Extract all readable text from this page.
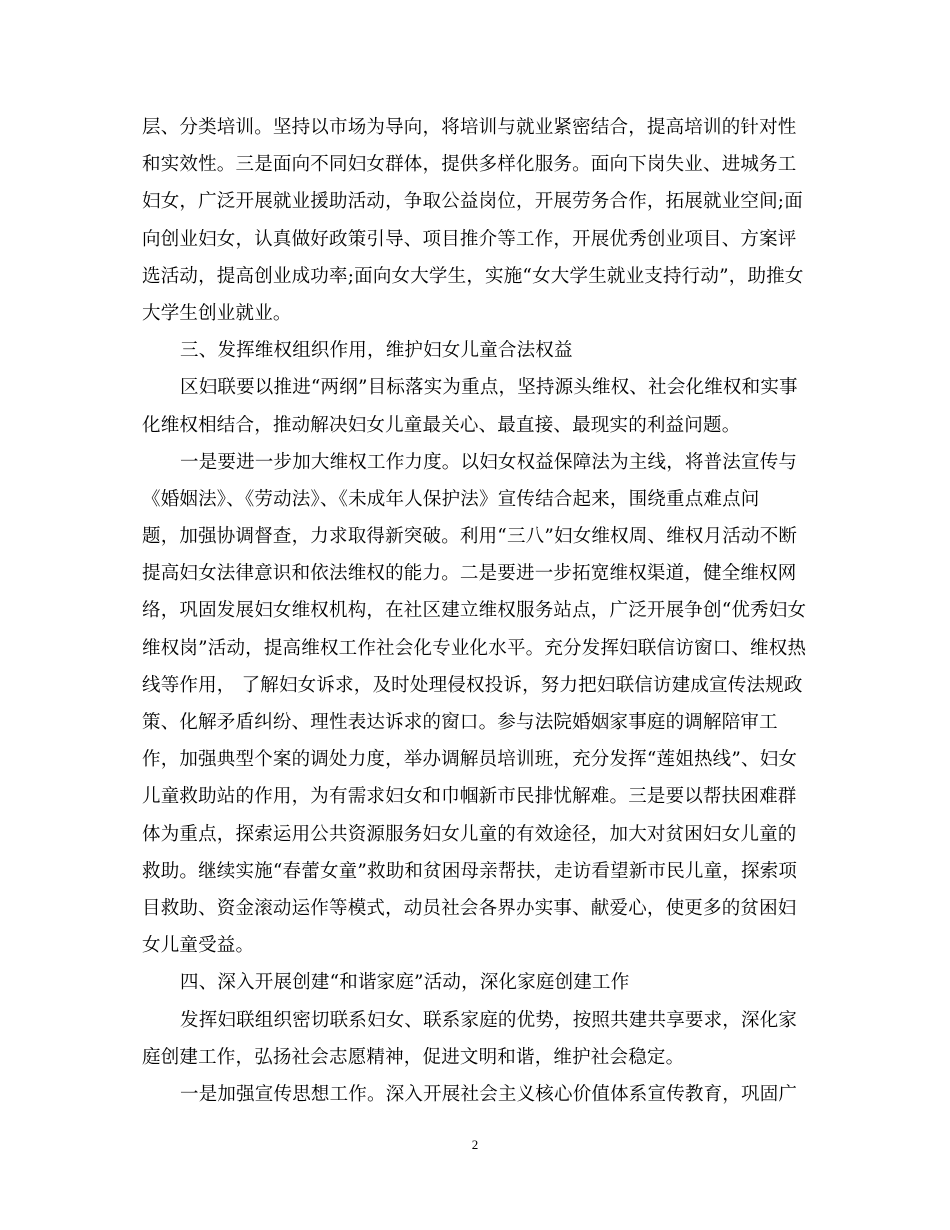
层、分类培训。坚持以市场为导向，将培训与就业紧密结合，提高培训的针对性
和实效性。三是面向不同妇女群体，提供多样化服务。面向下岗失业、进城务工
妇女，广泛开展就业援助活动，争取公益岗位，开展劳务合作，拓展就业空间;面
向创业妇女，认真做好政策引导、项目推介等工作，开展优秀创业项目、方案评
选活动，提高创业成功率;面向女大学生，实施“女大学生就业支持行动”，助推女
大学生创业就业。
三、发挥维权组织作用，维护妇女儿童合法权益
区妇联要以推进“两纲”目标落实为重点，坚持源头维权、社会化维权和实事
化维权相结合，推动解决妇女儿童最关心、最直接、最现实的利益问题。
一是要进一步加大维权工作力度。以妇女权益保障法为主线，将普法宣传与
《婚姻法》、《劳动法》、《未成年人保护法》宣传结合起来，围绕重点难点问
题，加强协调督查，力求取得新突破。利用“三八”妇女维权周、维权月活动不断
提高妇女法律意识和依法维权的能力。二是要进一步拓宽维权渠道，健全维权网
络，巩固发展妇女维权机构，在社区建立维权服务站点，广泛开展争创“优秀妇女
维权岗”活动，提高维权工作社会化专业化水平。充分发挥妇联信访窗口、维权热
线等作用， 了解妇女诉求，及时处理侵权投诉，努力把妇联信访建成宣传法规政
策、化解矛盾纠纷、理性表达诉求的窗口。参与法院婚姻家事庭的调解陪审工
作，加强典型个案的调处力度，举办调解员培训班，充分发挥“莲姐热线”、妇女
儿童救助站的作用，为有需求妇女和巾帼新市民排忧解难。三是要以帮扶困难群
体为重点，探索运用公共资源服务妇女儿童的有效途径，加大对贫困妇女儿童的
救助。继续实施“春蕾女童”救助和贫困母亲帮扶，走访看望新市民儿童，探索项
目救助、资金滚动运作等模式，动员社会各界办实事、献爱心，使更多的贫困妇
女儿童受益。
四、深入开展创建“和谐家庭”活动，深化家庭创建工作
发挥妇联组织密切联系妇女、联系家庭的优势，按照共建共享要求，深化家
庭创建工作，弘扬社会志愿精神，促进文明和谐，维护社会稳定。
一是加强宣传思想工作。深入开展社会主义核心价值体系宣传教育，巩固广
2
